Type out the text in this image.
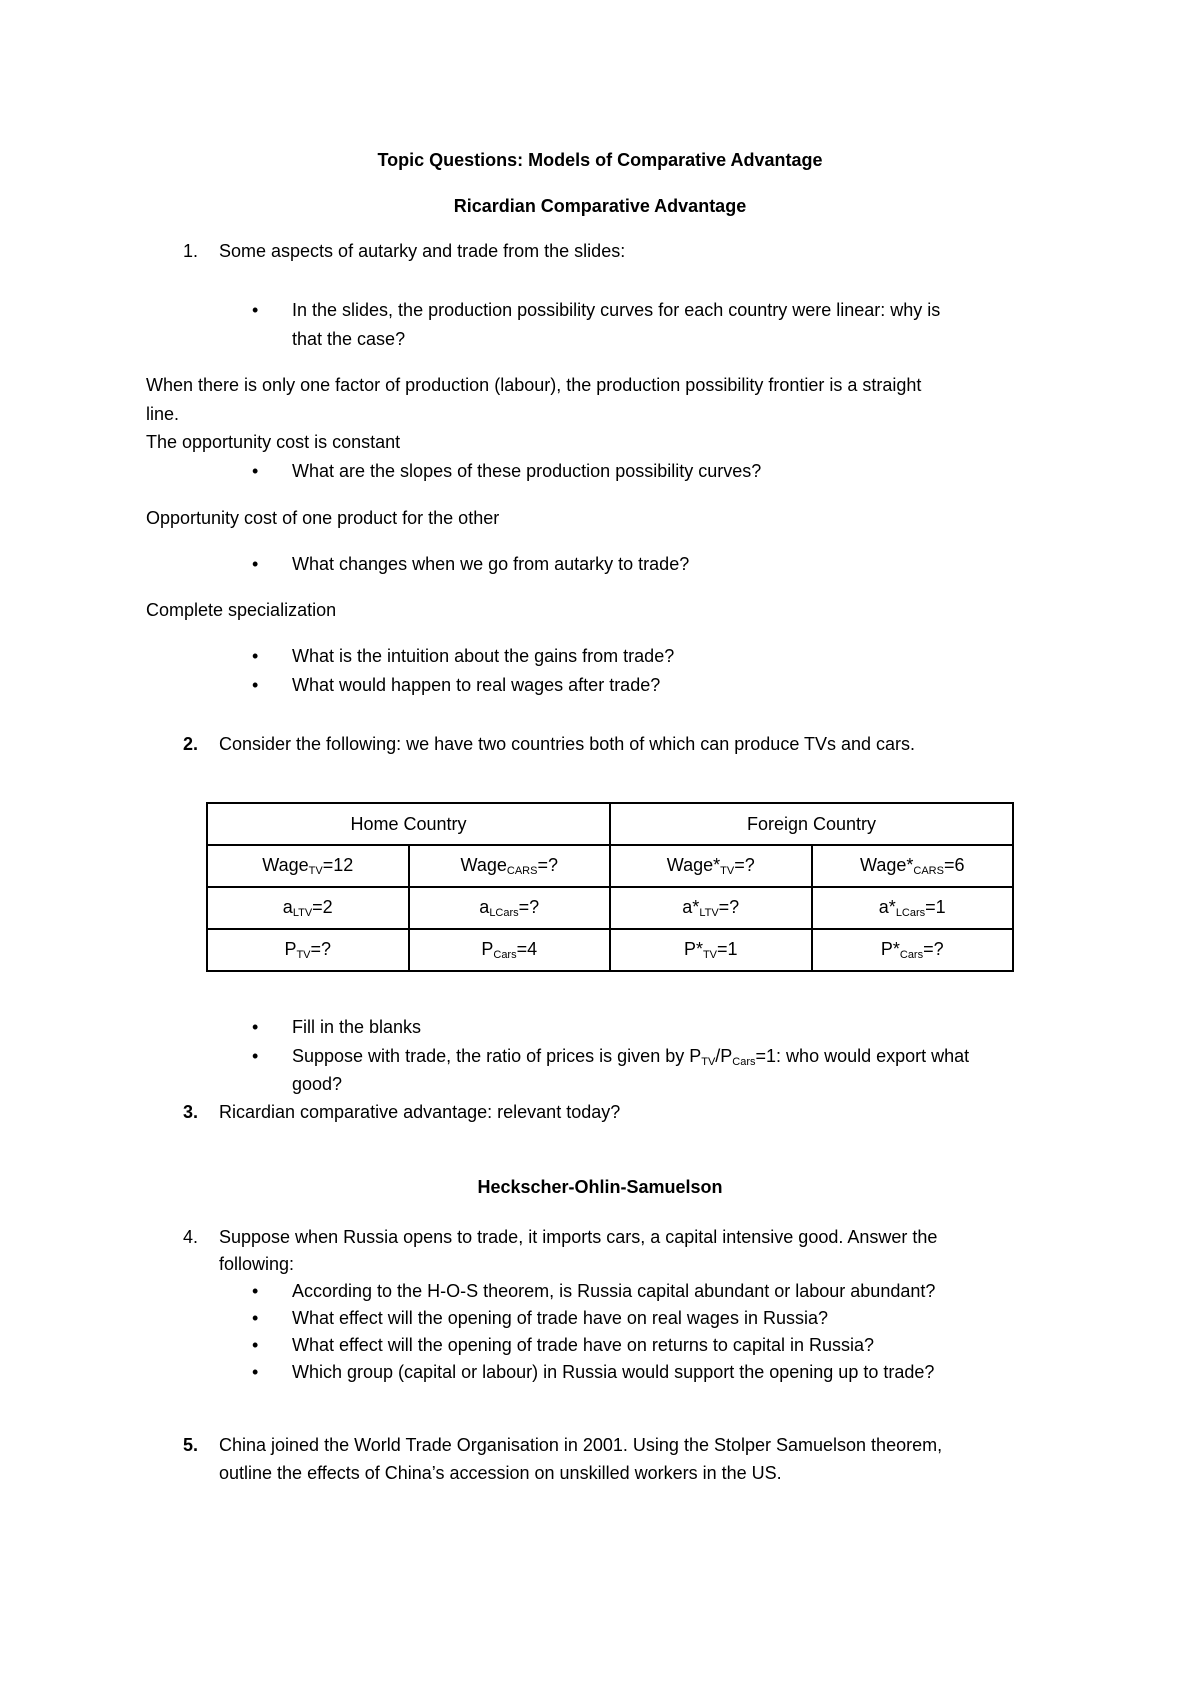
Topic Questions: Models of Comparative Advantage
Ricardian Comparative Advantage
1. Some aspects of autarky and trade from the slides:
• In the slides, the production possibility curves for each country were linear: why is
that the case?
When there is only one factor of production (labour), the production possibility frontier is a straight
line.
The opportunity cost is constant
• What are the slopes of these production possibility curves?
Opportunity cost of one product for the other
• What changes when we go from autarky to trade?
Complete specialization
• What is the intuition about the gains from trade?
• What would happen to real wages after trade?
2. Consider the following: we have two countries both of which can produce TVs and cars.
Home Country		Foreign Country	
Wage$_{TV}$=12	Wage$_{CARS}$=?	$Wage*_{TV}=$?	$Wage*_{CARS}=6$
$a_{LTV}=2$	$a_{LCars}=$?	$a*_{LTV}=$?	$a*_{LCars}=1$
$P_{TV}=$?	$P_{Cars}=4$	$P*_{TV}=1$	$P*_{Cars}=$?
• Fill in the blanks
• Suppose with trade, the ratio of prices is given by $P_{TV}/P_{Cars}=1$: who would export what
good?
3. Ricardian comparative advantage: relevant today?
Heckscher-Ohlin-Samuelson
4. Suppose when Russia opens to trade, it imports cars, a capital intensive good. Answer the
following:
• According to the H-O-S theorem, is Russia capital abundant or labour abundant?
• What effect will the opening of trade have on real wages in Russia?
• What effect will the opening of trade have on returns to capital in Russia?
• Which group (capital or labour) in Russia would support the opening up to trade?
5. China joined the World Trade Organisation in 2001. Using the Stolper Samuelson theorem,
outline the effects of China’s accession on unskilled workers in the US.
